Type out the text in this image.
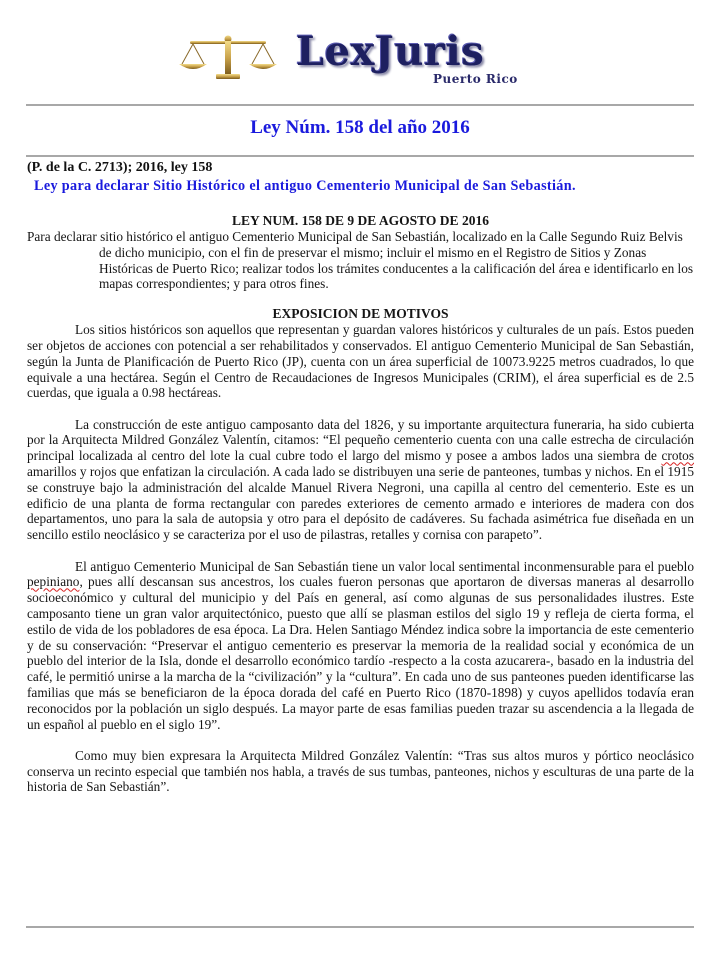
LexJuris
Puerto Rico
Ley Núm. 158 del año 2016
(P. de la C. 2713); 2016, ley 158
Ley para declarar Sitio Histórico el antiguo Cementerio Municipal de San Sebastián.

LEY NUM. 158 DE 9 DE AGOSTO DE 2016

Para declarar sitio histórico el antiguo Cementerio Municipal de San Sebastián, localizado en la Calle Segundo Ruiz Belvis de dicho municipio, con el fin de preservar el mismo; incluir el mismo en el Registro de Sitios y Zonas Históricas de Puerto Rico; realizar todos los trámites conducentes a la calificación del área e identificarlo en los mapas correspondientes; y para otros fines.

EXPOSICION DE MOTIVOS

Los sitios históricos son aquellos que representan y guardan valores históricos y culturales de un país. Estos pueden ser objetos de acciones con potencial a ser rehabilitados y conservados. El antiguo Cementerio Municipal de San Sebastián, según la Junta de Planificación de Puerto Rico (JP), cuenta con un área superficial de 10073.9225 metros cuadrados, lo que equivale a una hectárea. Según el Centro de Recaudaciones de Ingresos Municipales (CRIM), el área superficial es de 2.5 cuerdas, que iguala a 0.98 hectáreas.

La construcción de este antiguo camposanto data del 1826, y su importante arquitectura funeraria, ha sido cubierta por la Arquitecta Mildred González Valentín, citamos: “El pequeño cementerio cuenta con una calle estrecha de circulación principal localizada al centro del lote la cual cubre todo el largo del mismo y posee a ambos lados una siembra de crotos amarillos y rojos que enfatizan la circulación. A cada lado se distribuyen una serie de panteones, tumbas y nichos. En el 1915 se construye bajo la administración del alcalde Manuel Rivera Negroni, una capilla al centro del cementerio. Este es un edificio de una planta de forma rectangular con paredes exteriores de cemento armado e interiores de madera con dos departamentos, uno para la sala de autopsia y otro para el depósito de cadáveres. Su fachada asimétrica fue diseñada en un sencillo estilo neoclásico y se caracteriza por el uso de pilastras, retalles y cornisa con parapeto”.

El antiguo Cementerio Municipal de San Sebastián tiene un valor local sentimental inconmensurable para el pueblo pepiniano, pues allí descansan sus ancestros, los cuales fueron personas que aportaron de diversas maneras al desarrollo socioeconómico y cultural del municipio y del País en general, así como algunas de sus personalidades ilustres. Este camposanto tiene un gran valor arquitectónico, puesto que allí se plasman estilos del siglo 19 y refleja de cierta forma, el estilo de vida de los pobladores de esa época. La Dra. Helen Santiago Méndez indica sobre la importancia de este cementerio y de su conservación: “Preservar el antiguo cementerio es preservar la memoria de la realidad social y económica de un pueblo del interior de la Isla, donde el desarrollo económico tardío -respecto a la costa azucarera-, basado en la industria del café, le permitió unirse a la marcha de la “civilización” y la “cultura”. En cada uno de sus panteones pueden identificarse las familias que más se beneficiaron de la época dorada del café en Puerto Rico (1870-1898) y cuyos apellidos todavía eran reconocidos por la población un siglo después. La mayor parte de esas familias pueden trazar su ascendencia a la llegada de un español al pueblo en el siglo 19”.

Como muy bien expresara la Arquitecta Mildred González Valentín: “Tras sus altos muros y pórtico neoclásico conserva un recinto especial que también nos habla, a través de sus tumbas, panteones, nichos y esculturas de una parte de la historia de San Sebastián”.
